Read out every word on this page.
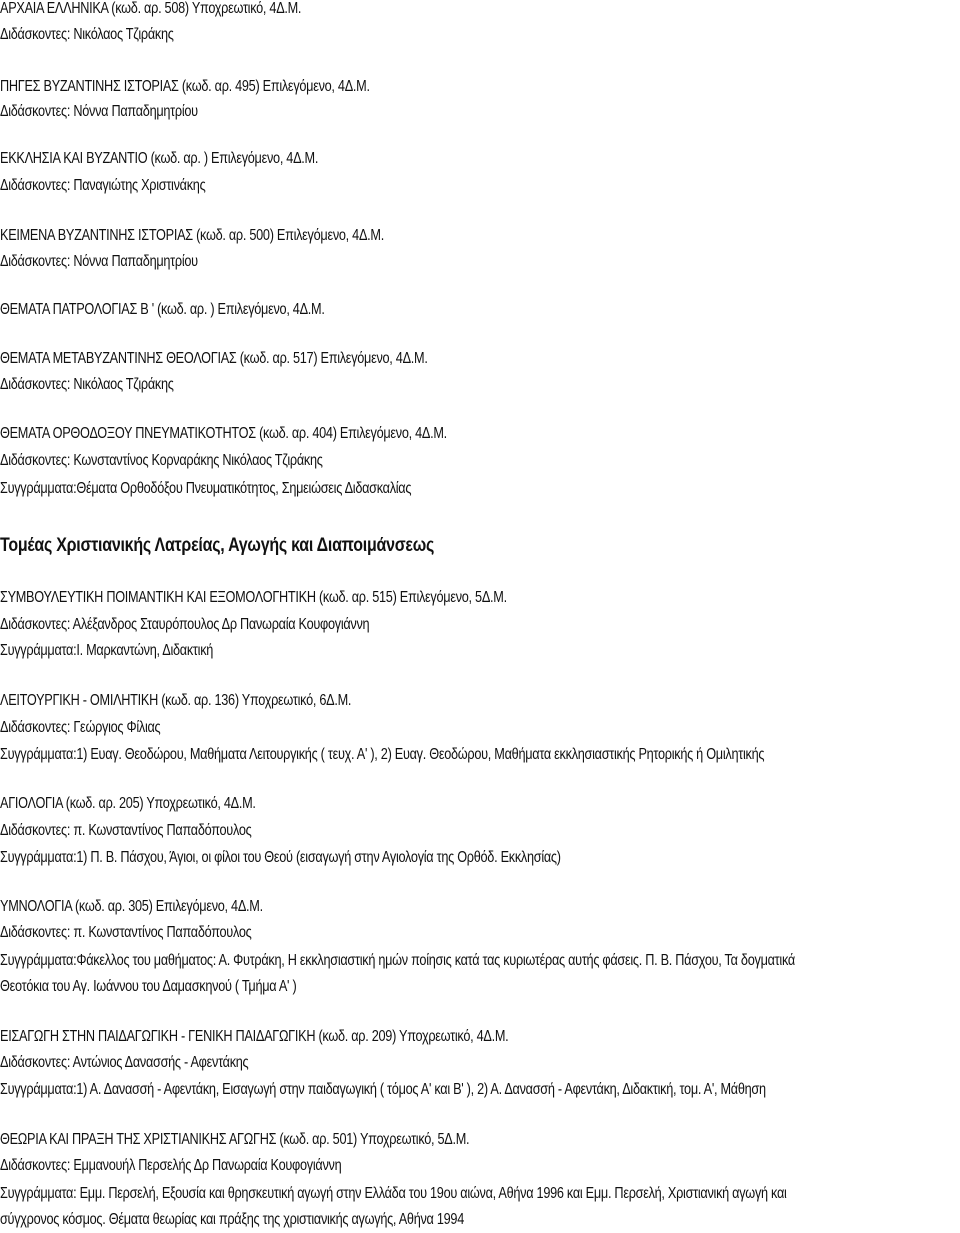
ΑΡΧΑΙΑ ΕΛΛΗΝΙΚΑ (κωδ. αρ. 508) Υποχρεωτικό, 4Δ.Μ.
Διδάσκοντες: Νικόλαος Τζιράκης
ΠΗΓΕΣ ΒΥΖΑΝΤΙΝΗΣ ΙΣΤΟΡΙΑΣ (κωδ. αρ. 495) Επιλεγόμενο, 4Δ.Μ.
Διδάσκοντες: Νόννα Παπαδημητρίου
ΕΚΚΛΗΣΙΑ ΚΑΙ ΒΥΖΑΝΤΙΟ (κωδ. αρ. ) Επιλεγόμενο, 4Δ.Μ.
Διδάσκοντες: Παναγιώτης Χριστινάκης
ΚΕΙΜΕΝΑ ΒΥΖΑΝΤΙΝΗΣ ΙΣΤΟΡΙΑΣ (κωδ. αρ. 500) Επιλεγόμενο, 4Δ.Μ.
Διδάσκοντες: Νόννα Παπαδημητρίου
ΘΕΜΑΤΑ ΠΑΤΡΟΛΟΓΙΑΣ Β ' (κωδ. αρ. ) Επιλεγόμενο, 4Δ.Μ.
ΘΕΜΑΤΑ ΜΕΤΑΒΥΖΑΝΤΙΝΗΣ ΘΕΟΛΟΓΙΑΣ (κωδ. αρ. 517) Επιλεγόμενο, 4Δ.Μ.
Διδάσκοντες: Νικόλαος Τζιράκης
ΘΕΜΑΤΑ ΟΡΘΟΔΟΞΟΥ ΠΝΕΥΜΑΤΙΚΟΤΗΤΟΣ (κωδ. αρ. 404) Επιλεγόμενο, 4Δ.Μ.
Διδάσκοντες: Κωνσταντίνος Κορναράκης Νικόλαος Τζιράκης
Συγγράμματα:Θέματα Ορθοδόξου Πνευματικότητος, Σημειώσεις Διδασκαλίας
Τομέας Χριστιανικής Λατρείας, Αγωγής και Διαποιμάνσεως
ΣΥΜΒΟΥΛΕΥΤΙΚΗ ΠΟΙΜΑΝΤΙΚΗ ΚΑΙ ΕΞΟΜΟΛΟΓΗΤΙΚΗ (κωδ. αρ. 515) Επιλεγόμενο, 5Δ.Μ.
Διδάσκοντες: Αλέξανδρος Σταυρόπουλος Δρ Πανωραία Κουφογιάννη
Συγγράμματα:Ι. Μαρκαντώνη, Διδακτική
ΛΕΙΤΟΥΡΓΙΚΗ - ΟΜΙΛΗΤΙΚΗ (κωδ. αρ. 136) Υποχρεωτικό, 6Δ.Μ.
Διδάσκοντες: Γεώργιος Φίλιας
Συγγράμματα:1) Ευαγ. Θεοδώρου, Μαθήματα Λειτουργικής ( τευχ. Α' ), 2) Ευαγ. Θεοδώρου, Μαθήματα εκκλησιαστικής Ρητορικής ή Ομιλητικής
ΑΓΙΟΛΟΓΙΑ (κωδ. αρ. 205) Υποχρεωτικό, 4Δ.Μ.
Διδάσκοντες: π. Κωνσταντίνος Παπαδόπουλος
Συγγράμματα:1) Π. Β. Πάσχου, Άγιοι, οι φίλοι του Θεού (εισαγωγή στην Αγιολογία της Ορθόδ. Εκκλησίας)
ΥΜΝΟΛΟΓΙΑ (κωδ. αρ. 305) Επιλεγόμενο, 4Δ.Μ.
Διδάσκοντες: π. Κωνσταντίνος Παπαδόπουλος
Συγγράμματα:Φάκελλος του μαθήματος: Α. Φυτράκη, Η εκκλησιαστική ημών ποίησις κατά τας κυριωτέρας αυτής φάσεις. Π. Β. Πάσχου, Τα δογματικά
Θεοτόκια του Αγ. Ιωάννου του Δαμασκηνού ( Τμήμα Α' )
ΕΙΣΑΓΩΓΗ ΣΤΗΝ ΠΑΙΔΑΓΩΓΙΚΗ - ΓΕΝΙΚΗ ΠΑΙΔΑΓΩΓΙΚΗ (κωδ. αρ. 209) Υποχρεωτικό, 4Δ.Μ.
Διδάσκοντες: Αντώνιος Δανασσής - Αφεντάκης
Συγγράμματα:1) Α. Δανασσή - Αφεντάκη, Εισαγωγή στην παιδαγωγική ( τόμος Α' και Β' ), 2) Α. Δανασσή - Αφεντάκη, Διδακτική, τομ. Α', Μάθηση
ΘΕΩΡΙΑ ΚΑΙ ΠΡΑΞΗ ΤΗΣ ΧΡΙΣΤΙΑΝΙΚΗΣ ΑΓΩΓΗΣ (κωδ. αρ. 501) Υποχρεωτικό, 5Δ.Μ.
Διδάσκοντες: Εμμανουήλ Περσελής Δρ Πανωραία Κουφογιάννη
Συγγράμματα: Εμμ. Περσελή, Εξουσία και θρησκευτική αγωγή στην Ελλάδα του 19ου αιώνα, Αθήνα 1996 και Εμμ. Περσελή, Χριστιανική αγωγή και
σύγχρονος κόσμος. Θέματα θεωρίας και πράξης της χριστιανικής αγωγής, Αθήνα 1994
